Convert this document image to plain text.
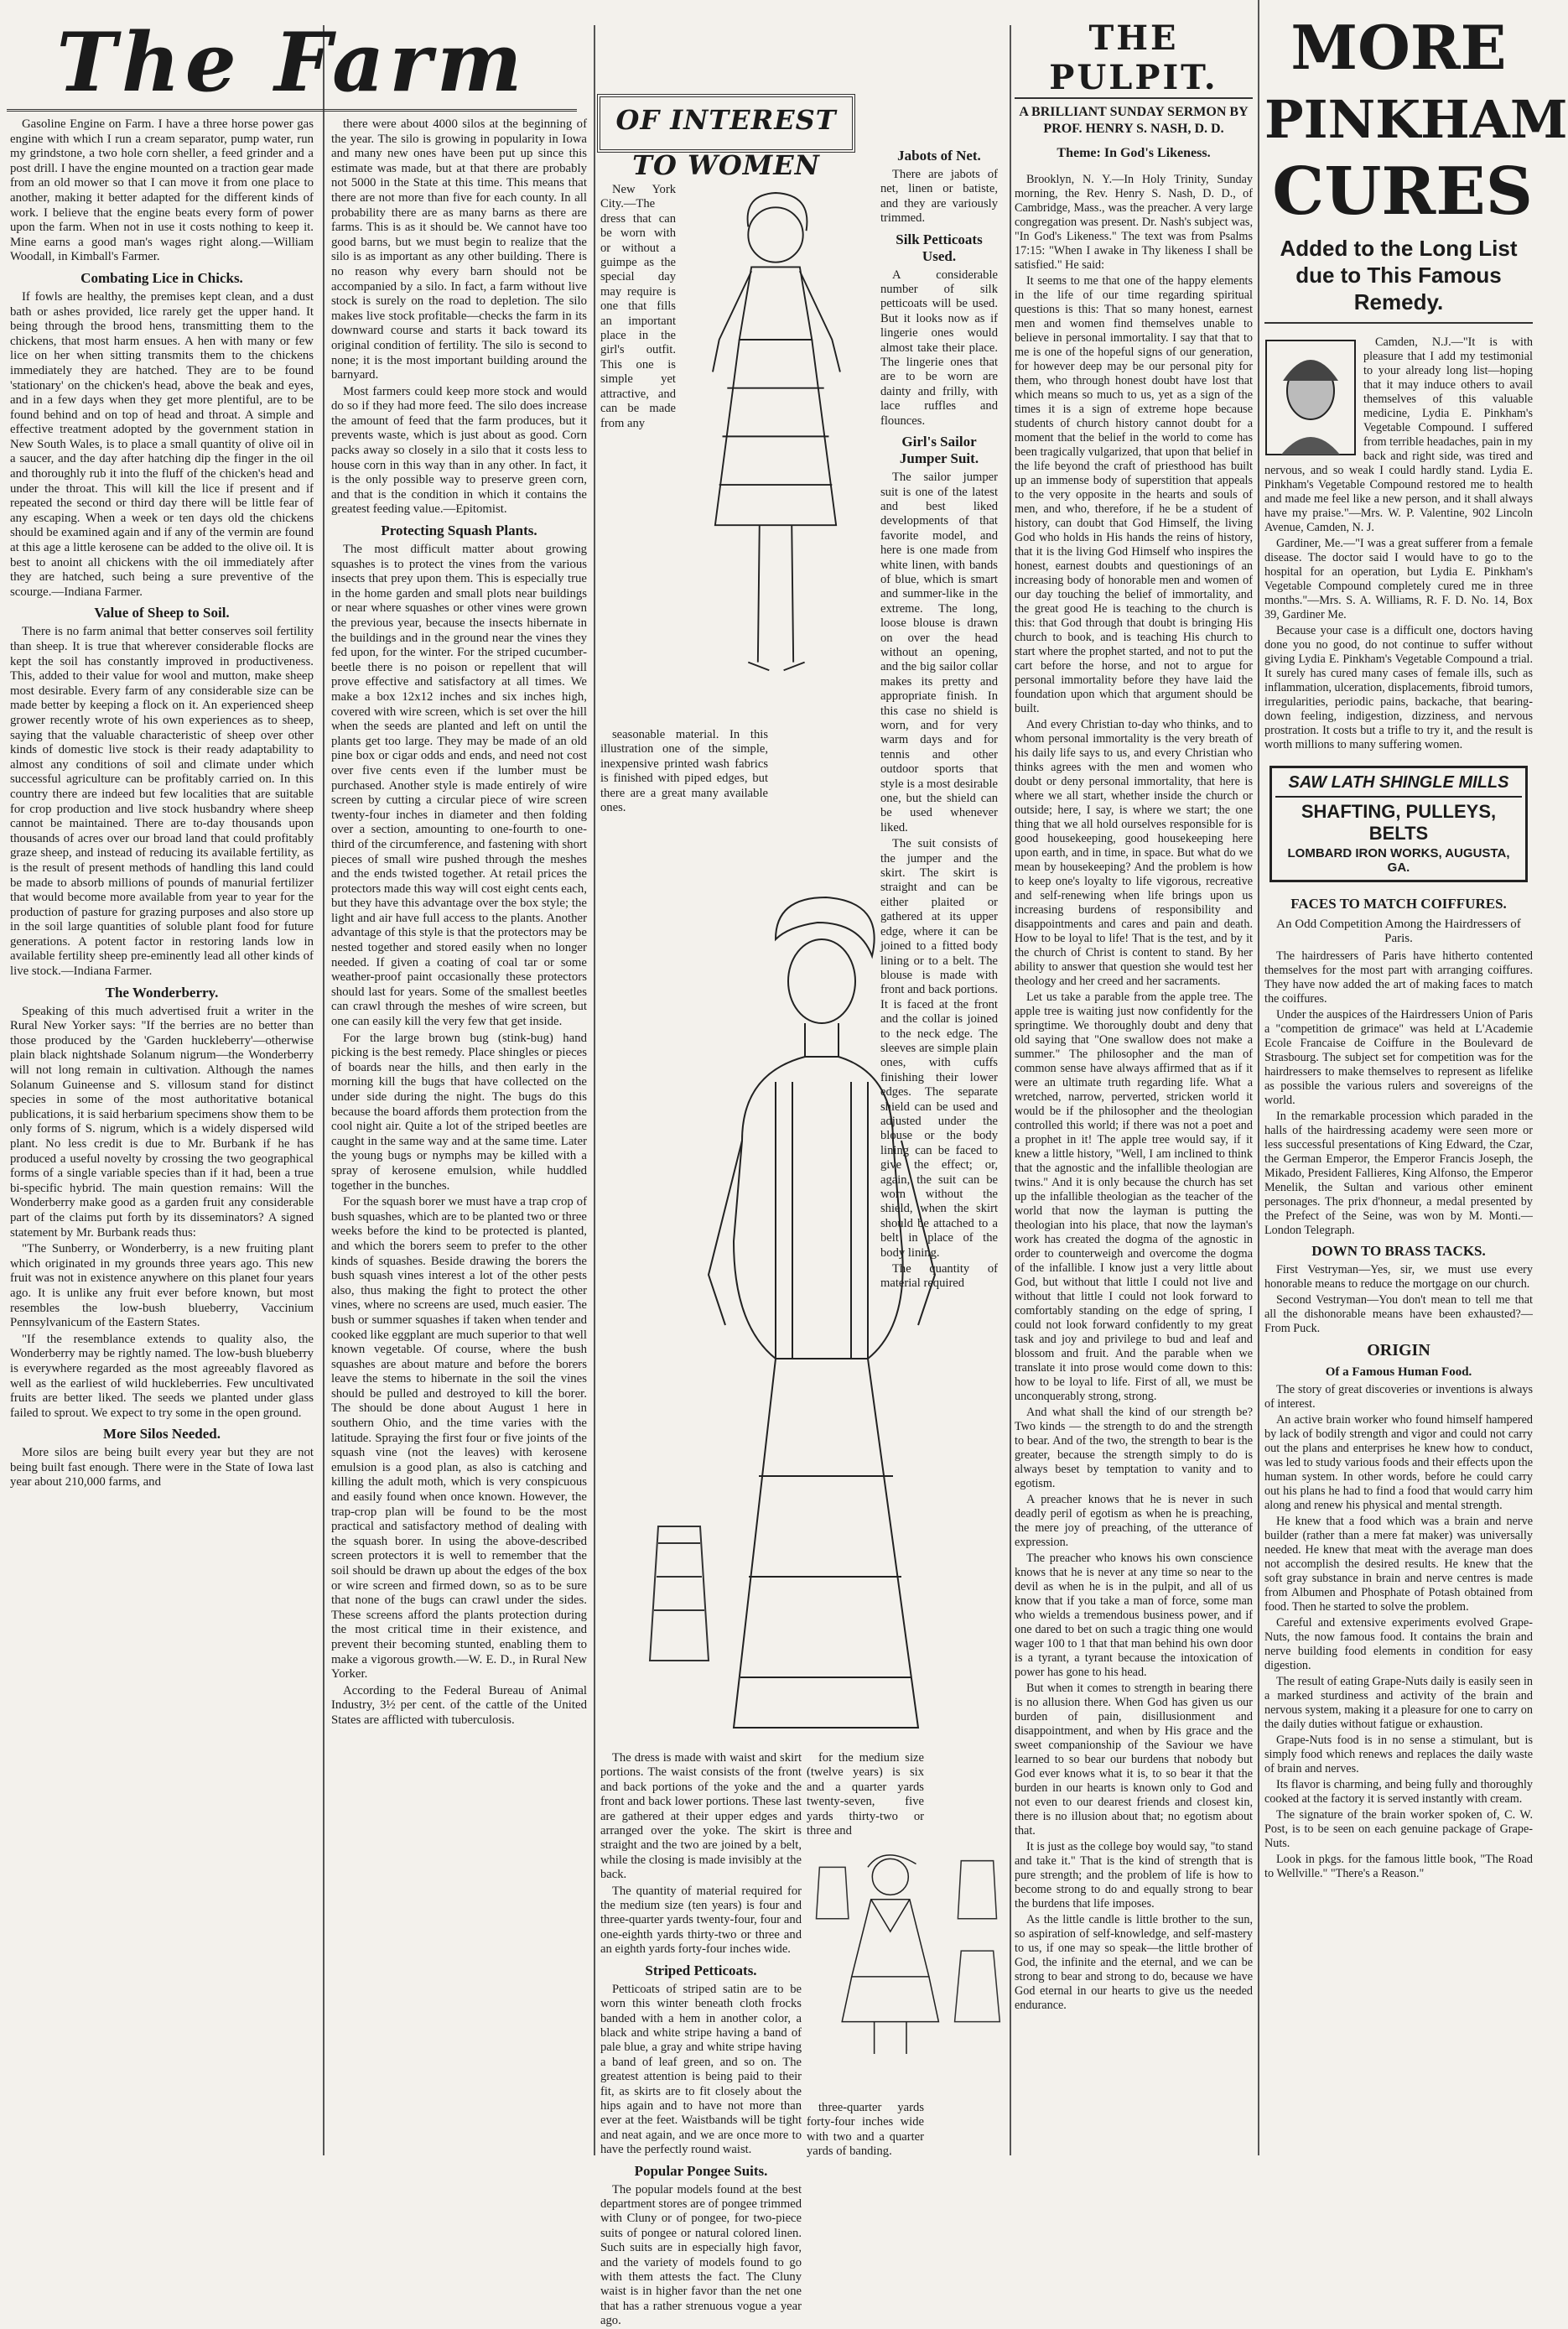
The Farm

Gasoline Engine on Farm. I have a three horse power gas engine with which I run a cream separator, pump water, run my grindstone, a two hole corn sheller, a feed grinder and a post drill. I have the engine mounted on a traction gear made from an old mower so that I can move it from one place to another, making it better adapted for the different kinds of work. I believe that the engine beats every form of power upon the farm. When not in use it costs nothing to keep it. Mine earns a good man's wages right along.—William Woodall, in Kimball's Farmer.

Combating Lice in Chicks.

If fowls are healthy, the premises kept clean, and a dust bath or ashes provided, lice rarely get the upper hand. It being through the brood hens, transmitting them to the chickens, that most harm ensues. A hen with many or few lice on her when sitting transmits them to the chickens immediately they are hatched. They are to be found 'stationary' on the chicken's head, above the beak and eyes, and in a few days when they get more plentiful, are to be found behind and on top of head and throat. A simple and effective treatment adopted by the government station in New South Wales, is to place a small quantity of olive oil in a saucer, and the day after hatching dip the finger in the oil and thoroughly rub it into the fluff of the chicken's head and under the throat. This will kill the lice if present and if repeated the second or third day there will be little fear of any escaping. When a week or ten days old the chickens should be examined again and if any of the vermin are found at this age a little kerosene can be added to the olive oil. It is best to anoint all chickens with the oil immediately after they are hatched, such being a sure preventive of the scourge.—Indiana Farmer.

Value of Sheep to Soil.

There is no farm animal that better conserves soil fertility than sheep. It is true that wherever considerable flocks are kept the soil has constantly improved in productiveness. This, added to their value for wool and mutton, make sheep most desirable. Every farm of any considerable size can be made better by keeping a flock on it. An experienced sheep grower recently wrote of his own experiences as to sheep, saying that the valuable characteristic of sheep over other kinds of domestic live stock is their ready adaptability to almost any conditions of soil and climate under which successful agriculture can be profitably carried on. In this country there are indeed but few localities that are suitable for crop production and live stock husbandry where sheep cannot be maintained. There are to-day thousands upon thousands of acres over our broad land that could profitably graze sheep, and instead of reducing its available fertility, as is the result of present methods of handling this land could be made to absorb millions of pounds of manurial fertilizer that would become more available from year to year for the production of pasture for grazing purposes and also store up in the soil large quantities of soluble plant food for future generations. A potent factor in restoring lands low in available fertility sheep pre-eminently lead all other kinds of live stock.—Indiana Farmer.

The Wonderberry.

Speaking of this much advertised fruit a writer in the Rural New Yorker says: "If the berries are no better than those produced by the 'Garden huckleberry'—otherwise plain black nightshade Solanum nigrum—the Wonderberry will not long remain in cultivation. Although the names Solanum Guineense and S. villosum stand for distinct species in some of the most authoritative botanical publications, it is said herbarium specimens show them to be only forms of S. nigrum, which is a widely dispersed wild plant. No less credit is due to Mr. Burbank if he has produced a useful novelty by crossing the two geographical forms of a single variable species than if it had, been a true bi-specific hybrid. The main question remains: Will the Wonderberry make good as a garden fruit any considerable part of the claims put forth by its disseminators? A signed statement by Mr. Burbank reads thus:

"The Sunberry, or Wonderberry, is a new fruiting plant which originated in my grounds three years ago. This new fruit was not in existence anywhere on this planet four years ago. It is unlike any fruit ever before known, but most resembles the low-bush blueberry, Vaccinium Pennsylvanicum of the Eastern States.

"If the resemblance extends to quality also, the Wonderberry may be rightly named. The low-bush blueberry is everywhere regarded as the most agreeably flavored as well as the earliest of wild huckleberries. Few uncultivated fruits are better liked. The seeds we planted under glass failed to sprout. We expect to try some in the open ground.

More Silos Needed.

More silos are being built every year but they are not being built fast enough. There were in the State of Iowa last year about 210,000 farms, and

there were about 4000 silos at the beginning of the year. The silo is growing in popularity in Iowa and many new ones have been put up since this estimate was made, but at that there are probably not 5000 in the State at this time. This means that there are not more than five for each county. In all probability there are as many barns as there are farms. This is as it should be. We cannot have too good barns, but we must begin to realize that the silo is as important as any other building. There is no reason why every barn should not be accompanied by a silo. In fact, a farm without live stock is surely on the road to depletion. The silo makes live stock profitable—checks the farm in its downward course and starts it back toward its original condition of fertility. The silo is second to none; it is the most important building around the barnyard.

Most farmers could keep more stock and would do so if they had more feed. The silo does increase the amount of feed that the farm produces, but it prevents waste, which is just about as good. Corn packs away so closely in a silo that it costs less to house corn in this way than in any other. In fact, it is the only possible way to preserve green corn, and that is the condition in which it contains the greatest feeding value.—Epitomist.

Protecting Squash Plants.

The most difficult matter about growing squashes is to protect the vines from the various insects that prey upon them. This is especially true in the home garden and small plots near buildings or near where squashes or other vines were grown the previous year, because the insects hibernate in the buildings and in the ground near the vines they fed upon, for the winter. For the striped cucumber-beetle there is no poison or repellent that will prove effective and satisfactory at all times. We make a box 12x12 inches and six inches high, covered with wire screen, which is set over the hill when the seeds are planted and left on until the plants get too large. They may be made of an old pine box or cigar odds and ends, and need not cost over five cents even if the lumber must be purchased. Another style is made entirely of wire screen by cutting a circular piece of wire screen twenty-four inches in diameter and then folding over a section, amounting to one-fourth to one-third of the circumference, and fastening with short pieces of small wire pushed through the meshes and the ends twisted together. At retail prices the protectors made this way will cost eight cents each, but they have this advantage over the box style; the light and air have full access to the plants. Another advantage of this style is that the protectors may be nested together and stored easily when no longer needed. If given a coating of coal tar or some weather-proof paint occasionally these protectors should last for years. Some of the smallest beetles can crawl through the meshes of wire screen, but one can easily kill the very few that get inside.

For the large brown bug (stink-bug) hand picking is the best remedy. Place shingles or pieces of boards near the hills, and then early in the morning kill the bugs that have collected on the under side during the night. The bugs do this because the board affords them protection from the cool night air. Quite a lot of the striped beetles are caught in the same way and at the same time. Later the young bugs or nymphs may be killed with a spray of kerosene emulsion, while huddled together in the bunches.

For the squash borer we must have a trap crop of bush squashes, which are to be planted two or three weeks before the kind to be protected is planted, and which the borers seem to prefer to the other kinds of squashes. Beside drawing the borers the bush squash vines interest a lot of the other pests also, thus making the fight to protect the other vines, where no screens are used, much easier. The bush or summer squashes if taken when tender and cooked like eggplant are much superior to that well known vegetable. Of course, where the bush squashes are about mature and before the borers leave the stems to hibernate in the soil the vines should be pulled and destroyed to kill the borer. The should be done about August 1 here in southern Ohio, and the time varies with the latitude. Spraying the first four or five joints of the squash vine (not the leaves) with kerosene emulsion is a good plan, as also is catching and killing the adult moth, which is very conspicuous and easily found when once known. However, the trap-crop plan will be found to be the most practical and satisfactory method of dealing with the squash borer. In using the above-described screen protectors it is well to remember that the soil should be drawn up about the edges of the box or wire screen and firmed down, so as to be sure that none of the bugs can crawl under the sides. These screens afford the plants protection during the most critical time in their existence, and prevent their becoming stunted, enabling them to make a vigorous growth.—W. E. D., in Rural New Yorker.

According to the Federal Bureau of Animal Industry, 3½ per cent. of the cattle of the United States are afflicted with tuberculosis.

OF INTEREST TO WOMEN

New York City.—The dress that can be worn with or without a guimpe as the special day may require is one that fills an important place in the girl's outfit. This one is simple yet attractive, and can be made from any

seasonable material. In this illustration one of the simple, inexpensive printed wash fabrics is finished with piped edges, but there are a great many available ones.

Jabots of Net.

There are jabots of net, linen or batiste, and they are variously trimmed.

Silk Petticoats Used.

A considerable number of silk petticoats will be used. But it looks now as if lingerie ones would almost take their place. The lingerie ones that are to be worn are dainty and frilly, with lace ruffles and flounces.

Girl's Sailor Jumper Suit.

The sailor jumper suit is one of the latest and best liked developments of that favorite model, and here is one made from white linen, with bands of blue, which is smart and summer-like in the extreme. The long, loose blouse is drawn on over the head without an opening, and the big sailor collar makes its pretty and appropriate finish. In this case no shield is worn, and for very warm days and for tennis and other outdoor sports that style is a most desirable one, but the shield can be used whenever liked.

The suit consists of the jumper and the skirt. The skirt is straight and can be either plaited or gathered at its upper edge, where it can be joined to a fitted body lining or to a belt. The blouse is made with front and back portions. It is faced at the front and the collar is joined to the neck edge. The sleeves are simple plain ones, with cuffs finishing their lower edges. The separate shield can be used and adjusted under the blouse or the body lining can be faced to give the effect; or, again, the suit can be worn without the shield, when the skirt should be attached to a belt in place of the body lining.

The quantity of material required

The dress is made with waist and skirt portions. The waist consists of the front and back portions of the yoke and the front and back lower portions. These last are gathered at their upper edges and arranged over the yoke. The skirt is straight and the two are joined by a belt, while the closing is made invisibly at the back.

The quantity of material required for the medium size (ten years) is four and three-quarter yards twenty-four, four and one-eighth yards thirty-two or three and an eighth yards forty-four inches wide.

Striped Petticoats.

Petticoats of striped satin are to be worn this winter beneath cloth frocks banded with a hem in another color, a black and white stripe having a band of pale blue, a gray and white stripe having a band of leaf green, and so on. The greatest attention is being paid to their fit, as skirts are to fit closely about the hips again and to have not more than ever at the feet. Waistbands will be tight and neat again, and we are once more to have the perfectly round waist.

Popular Pongee Suits.

The popular models found at the best department stores are of pongee trimmed with Cluny or of pongee, for two-piece suits of pongee or natural colored linen. Such suits are in especially high favor, and the variety of models found to go with them attests the fact. The Cluny waist is in higher favor than the net one that has a rather strenuous vogue a year ago.

for the medium size (twelve years) is six and a quarter yards twenty-seven, five yards thirty-two or three and

three-quarter yards forty-four inches wide with two and a quarter yards of banding.

THE PULPIT.
A BRILLIANT SUNDAY SERMON BY
PROF. HENRY S. NASH, D. D.
Theme: In God's Likeness.

Brooklyn, N. Y.—In Holy Trinity, Sunday morning, the Rev. Henry S. Nash, D. D., of Cambridge, Mass., was the preacher. A very large congregation was present. Dr. Nash's subject was, "In God's Likeness." The text was from Psalms 17:15: "When I awake in Thy likeness I shall be satisfied." He said:

It seems to me that one of the happy elements in the life of our time regarding spiritual questions is this: That so many honest, earnest men and women find themselves unable to believe in personal immortality. I say that that to me is one of the hopeful signs of our generation, for however deep may be our personal pity for them, who through honest doubt have lost that which means so much to us, yet as a sign of the times it is a sign of extreme hope because students of church history cannot doubt for a moment that the belief in the world to come has been tragically vulgarized, that upon that belief in the life beyond the craft of priesthood has built up an immense body of superstition that appeals to the very opposite in the hearts and souls of men, and who, therefore, if he be a student of history, can doubt that God Himself, the living God who holds in His hands the reins of history, that it is the living God Himself who inspires the honest, earnest doubts and questionings of an increasing body of honorable men and women of our day touching the belief of immortality, and the great good He is teaching to the church is this: that God through that doubt is bringing His church to book, and is teaching His church to start where the prophet started, and not to put the cart before the horse, and not to argue for personal immortality before they have laid the foundation upon which that argument should be built.

And every Christian to-day who thinks, and to whom personal immortality is the very breath of his daily life says to us, and every Christian who thinks agrees with the men and women who doubt or deny personal immortality, that here is where we all start, whether inside the church or outside; here, I say, is where we start; the one thing that we all hold ourselves responsible for is good housekeeping, good housekeeping here upon earth, and in time, in space. But what do we mean by housekeeping? And the problem is how to keep one's loyalty to life vigorous, recreative and self-renewing when life brings upon us increasing burdens of responsibility and disappointments and cares and pain and death. How to be loyal to life! That is the test, and by it the church of Christ is content to stand. By her ability to answer that question she would test her theology and her creed and her sacraments.

Let us take a parable from the apple tree. The apple tree is waiting just now confidently for the springtime. We thoroughly doubt and deny that old saying that "One swallow does not make a summer." The philosopher and the man of common sense have always affirmed that as if it were an ultimate truth regarding life. What a wretched, narrow, perverted, stricken world it would be if the philosopher and the theologian controlled this world; if there was not a poet and a prophet in it! The apple tree would say, if it knew a little history, "Well, I am inclined to think that the agnostic and the infallible theologian are twins." And it is only because the church has set up the infallible theologian as the teacher of the world that now the layman is putting the theologian into his place, that now the layman's work has created the dogma of the agnostic in order to counterweigh and overcome the dogma of the infallible. I know just a very little about God, but without that little I could not live and without that little I could not look forward to comfortably standing on the edge of spring, I could not look forward confidently to my great task and joy and privilege to bud and leaf and blossom and fruit. And the parable when we translate it into prose would come down to this: how to be loyal to life. First of all, we must be unconquerably strong, strong.

And what shall the kind of our strength be? Two kinds — the strength to do and the strength to bear. And of the two, the strength to bear is the greater, because the strength simply to do is always beset by temptation to vanity and to egotism.

A preacher knows that he is never in such deadly peril of egotism as when he is preaching, the mere joy of preaching, of the utterance of expression.

The preacher who knows his own conscience knows that he is never at any time so near to the devil as when he is in the pulpit, and all of us know that if you take a man of force, some man who wields a tremendous business power, and if one dared to bet on such a tragic thing one would wager 100 to 1 that that man behind his own door is a tyrant, a tyrant because the intoxication of power has gone to his head.

But when it comes to strength in bearing there is no allusion there. When God has given us our burden of pain, disillusionment and disappointment, and when by His grace and the sweet companionship of the Saviour we have learned to so bear our burdens that nobody but God ever knows what it is, to so bear it that the burden in our hearts is known only to God and not even to our dearest friends and closest kin, there is no illusion about that; no egotism about that.

It is just as the college boy would say, "to stand and take it." That is the kind of strength that is pure strength; and the problem of life is how to become strong to do and equally strong to bear the burdens that life imposes.

As the little candle is little brother to the sun, so aspiration of self-knowledge, and self-mastery to us, if one may so speak—the little brother of God, the infinite and the eternal, and we can be strong to bear and strong to do, because we have God eternal in our hearts to give us the needed endurance.

MORE
PINKHAM
CURES
Added to the Long List due to This Famous Remedy.

Camden, N.J.—"It is with pleasure that I add my testimonial to your already long list—hoping that it may induce others to avail themselves of this valuable medicine, Lydia E. Pinkham's Vegetable Compound. I suffered from terrible headaches, pain in my back and right side, was tired and nervous, and so weak I could hardly stand. Lydia E. Pinkham's Vegetable Compound restored me to health and made me feel like a new person, and it shall always have my praise."—Mrs. W. P. Valentine, 902 Lincoln Avenue, Camden, N. J.

Gardiner, Me.—"I was a great sufferer from a female disease. The doctor said I would have to go to the hospital for an operation, but Lydia E. Pinkham's Vegetable Compound completely cured me in three months."—Mrs. S. A. Williams, R. F. D. No. 14, Box 39, Gardiner Me.

Because your case is a difficult one, doctors having done you no good, do not continue to suffer without giving Lydia E. Pinkham's Vegetable Compound a trial. It surely has cured many cases of female ills, such as inflammation, ulceration, displacements, fibroid tumors, irregularities, periodic pains, backache, that bearing-down feeling, indigestion, dizziness, and nervous prostration. It costs but a trifle to try it, and the result is worth millions to many suffering women.

SAW LATH SHINGLE MILLS
SHAFTING, PULLEYS, BELTS
LOMBARD IRON WORKS, AUGUSTA, GA.
FACES TO MATCH COIFFURES.
An Odd Competition Among the Hairdressers of Paris.

The hairdressers of Paris have hitherto contented themselves for the most part with arranging coiffures. They have now added the art of making faces to match the coiffures.

Under the auspices of the Hairdressers Union of Paris a "competition de grimace" was held at L'Academie Ecole Francaise de Coiffure in the Boulevard de Strasbourg. The subject set for competition was for the hairdressers to make themselves to represent as lifelike as possible the various rulers and sovereigns of the world.

In the remarkable procession which paraded in the halls of the hairdressing academy were seen more or less successful presentations of King Edward, the Czar, the German Emperor, the Emperor Francis Joseph, the Mikado, President Fallieres, King Alfonso, the Emperor Menelik, the Sultan and various other eminent personages. The prix d'honneur, a medal presented by the Prefect of the Seine, was won by M. Monti.—London Telegraph.

DOWN TO BRASS TACKS.

First Vestryman—Yes, sir, we must use every honorable means to reduce the mortgage on our church.

Second Vestryman—You don't mean to tell me that all the dishonorable means have been exhausted?—From Puck.

ORIGIN
Of a Famous Human Food.

The story of great discoveries or inventions is always of interest.

An active brain worker who found himself hampered by lack of bodily strength and vigor and could not carry out the plans and enterprises he knew how to conduct, was led to study various foods and their effects upon the human system. In other words, before he could carry out his plans he had to find a food that would carry him along and renew his physical and mental strength.

He knew that a food which was a brain and nerve builder (rather than a mere fat maker) was universally needed. He knew that meat with the average man does not accomplish the desired results. He knew that the soft gray substance in brain and nerve centres is made from Albumen and Phosphate of Potash obtained from food. Then he started to solve the problem.

Careful and extensive experiments evolved Grape-Nuts, the now famous food. It contains the brain and nerve building food elements in condition for easy digestion.

The result of eating Grape-Nuts daily is easily seen in a marked sturdiness and activity of the brain and nervous system, making it a pleasure for one to carry on the daily duties without fatigue or exhaustion.

Grape-Nuts food is in no sense a stimulant, but is simply food which renews and replaces the daily waste of brain and nerves.

Its flavor is charming, and being fully and thoroughly cooked at the factory it is served instantly with cream.

The signature of the brain worker spoken of, C. W. Post, is to be seen on each genuine package of Grape-Nuts.

Look in pkgs. for the famous little book, "The Road to Wellville." "There's a Reason."
